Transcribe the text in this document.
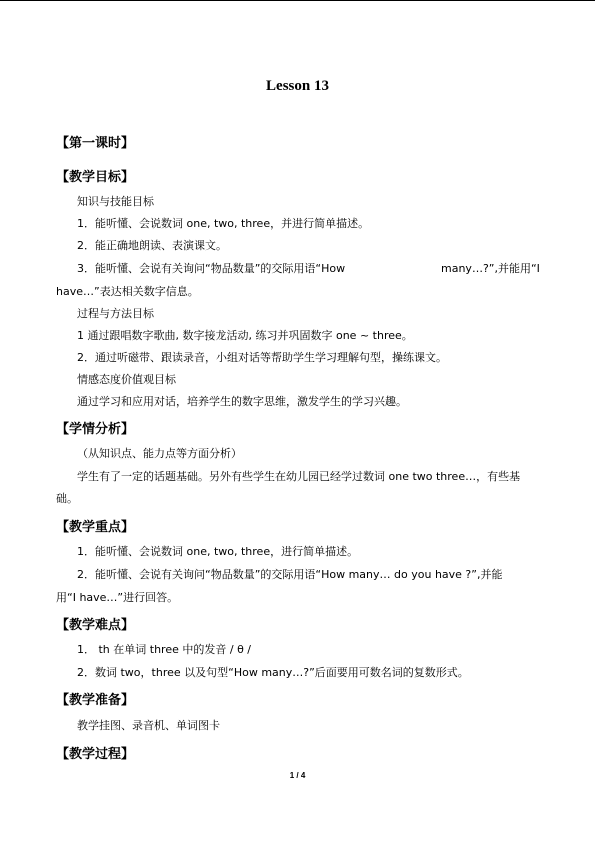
Lesson 13
【第一课时】
【教学目标】
知识与技能目标
1．能听懂、会说数词 one, two, three，并进行简单描述。
2．能正确地朗读、表演课文。
3．能听懂、会说有关询问“物品数量”的交际用语“How	many…?”,并能用“I
have…”表达相关数字信息。
过程与方法目标
1 通过跟唱数字歌曲, 数字接龙活动, 练习并巩固数字 one ~ three。
2．通过听磁带、跟读录音，小组对话等帮助学生学习理解句型，操练课文。
情感态度价值观目标
通过学习和应用对话，培养学生的数字思维，激发学生的学习兴趣。
【学情分析】
（从知识点、能力点等方面分析）
学生有了一定的话题基础。另外有些学生在幼儿园已经学过数词 one two three…，有些基
础。
【教学重点】
1．能听懂、会说数词 one, two, three，进行简单描述。
2．能听懂、会说有关询问“物品数量”的交际用语“How many… do you have ?”,并能
用“I have…”进行回答。
【教学难点】
1． th 在单词 three 中的发音 / θ /
2．数词 two，three 以及句型“How many…?”后面要用可数名词的复数形式。
【教学准备】
教学挂图、录音机、单词图卡
【教学过程】
1 / 4
